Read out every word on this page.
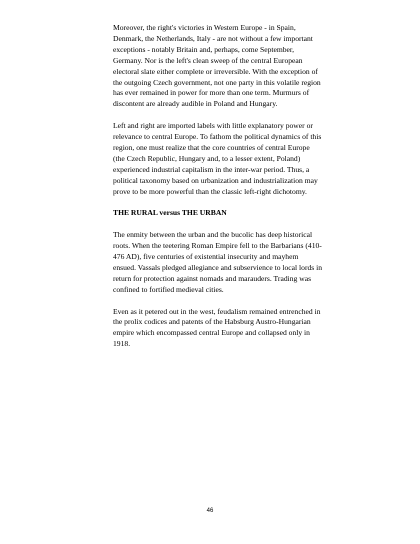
Moreover, the right's victories in Western Europe - in Spain, Denmark, the Netherlands, Italy - are not without a few important exceptions - notably Britain and, perhaps, come September, Germany. Nor is the left's clean sweep of the central European electoral slate either complete or irreversible. With the exception of the outgoing Czech government, not one party in this volatile region has ever remained in power for more than one term. Murmurs of discontent are already audible in Poland and Hungary.

Left and right are imported labels with little explanatory power or relevance to central Europe. To fathom the political dynamics of this region, one must realize that the core countries of central Europe (the Czech Republic, Hungary and, to a lesser extent, Poland) experienced industrial capitalism in the inter-war period. Thus, a political taxonomy based on urbanization and industrialization may prove to be more powerful than the classic left-right dichotomy.

THE RURAL versus THE URBAN

The enmity between the urban and the bucolic has deep historical roots. When the teetering Roman Empire fell to the Barbarians (410-476 AD), five centuries of existential insecurity and mayhem ensued. Vassals pledged allegiance and subservience to local lords in return for protection against nomads and marauders. Trading was confined to fortified medieval cities.

Even as it petered out in the west, feudalism remained entrenched in the prolix codices and patents of the Habsburg Austro-Hungarian empire which encompassed central Europe and collapsed only in 1918.

46
